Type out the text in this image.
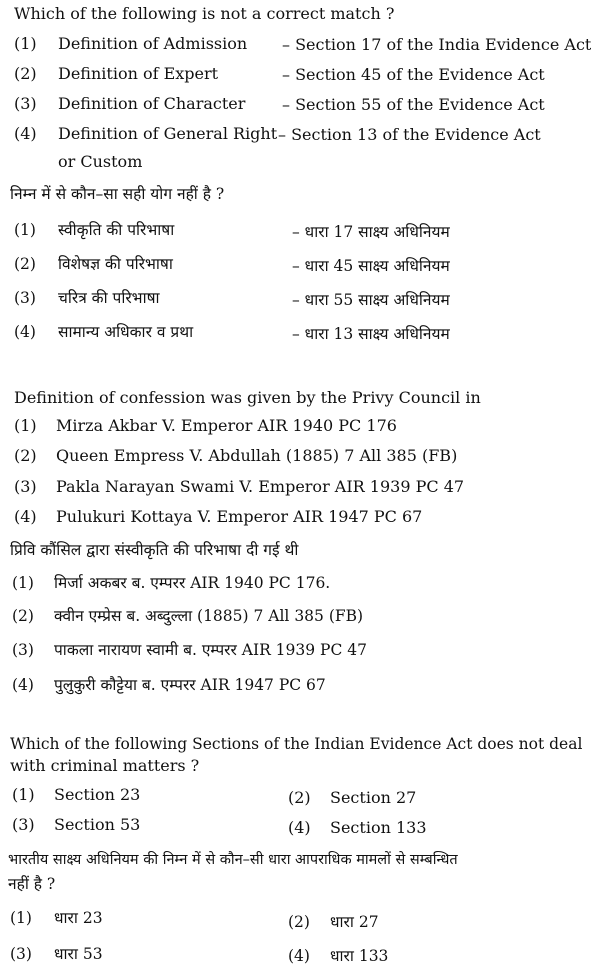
Which of the following is not a correct match ?
(1) Definition of Admission – Section 17 of the India Evidence Act
(2) Definition of Expert	– Section 45 of the Evidence Act
(3) Definition of Character – Section 55 of the Evidence Act
(4) Definition of General Right – Section 13 of the Evidence Act
or Custom
निम्न में से कौन–सा सही योग नहीं है ?
(1) स्वीकृति की परिभाषा	– धारा 17 साक्ष्य अधिनियम
(2) विशेषज्ञ की परिभाषा	– धारा 45 साक्ष्य अधिनियम
(3) चरित्र की परिभाषा	– धारा 55 साक्ष्य अधिनियम
(4) सामान्य अधिकार व प्रथा	– धारा 13 साक्ष्य अधिनियम
Definition of confession was given by the Privy Council in
(1) Mirza Akbar V. Emperor AIR 1940 PC 176
(2) Queen Empress V. Abdullah (1885) 7 All 385 (FB)
(3) Pakla Narayan Swami V. Emperor AIR 1939 PC 47
(4) Pulukuri Kottaya V. Emperor AIR 1947 PC 67
प्रिवि कौंसिल द्वारा संस्वीकृति की परिभाषा दी गई थी
(1) मिर्जा अकबर ब. एम्परर AIR 1940 PC 176.
(2) क्वीन एम्प्रेस ब. अब्दुल्ला (1885) 7 All 385 (FB)
(3) पाकला नारायण स्वामी ब. एम्परर AIR 1939 PC 47
(4) पुलुकुरी कौट्टेया ब. एम्परर AIR 1947 PC 67
Which of the following Sections of the Indian Evidence Act does not deal
with criminal matters ?
(1) Section 23	(2) Section 27
(3) Section 53	(4) Section 133
भारतीय साक्ष्य अधिनियम की निम्न में से कौन–सी धारा आपराधिक मामलों से सम्बन्धित
नहीं है ?
(1) धारा 23	(2) धारा 27
(3) धारा 53	(4) धारा 133
